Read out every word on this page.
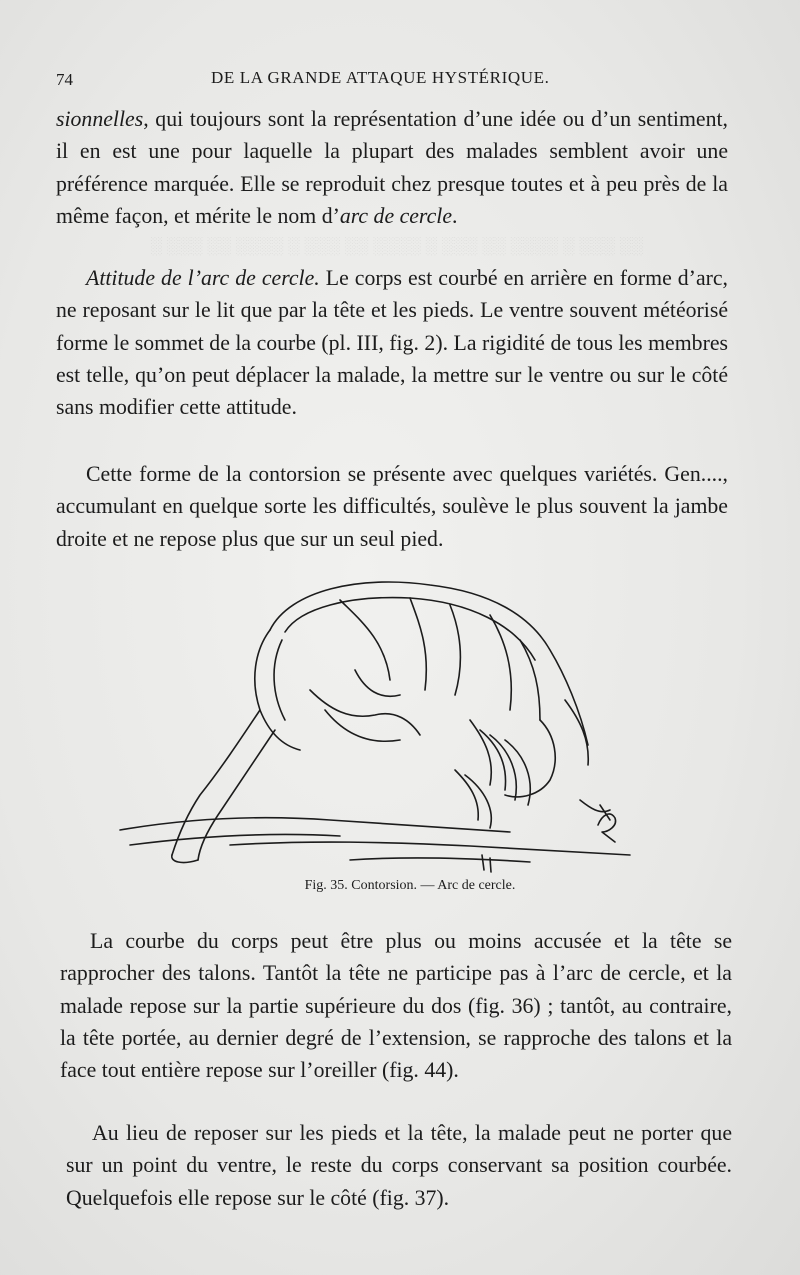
░ ░░░ ░░ ░░░░ ░ ░░░ ░░ ░░░░ ░ ░░░ ░░ ░░░░ ░ ░░░ ░░
74	DE LA GRANDE ATTAQUE HYSTÉRIQUE.

sionnelles, qui toujours sont la représentation d’une idée ou d’un sentiment, il en est une pour laquelle la plupart des malades semblent avoir une préférence marquée. Elle se reproduit chez presque toutes et à peu près de la même façon, et mérite le nom d’arc de cercle.

Attitude de l’arc de cercle. Le corps est courbé en arrière en forme d’arc, ne reposant sur le lit que par la tête et les pieds. Le ventre souvent météorisé forme le sommet de la courbe (pl. III, fig. 2). La rigidité de tous les membres est telle, qu’on peut déplacer la malade, la mettre sur le ventre ou sur le côté sans modifier cette attitude.

Cette forme de la contorsion se présente avec quelques variétés. Gen...., accumulant en quelque sorte les difficultés, soulève le plus souvent la jambe droite et ne repose plus que sur un seul pied.

Fig. 35. Contorsion. — Arc de cercle.

La courbe du corps peut être plus ou moins accusée et la tête se rapprocher des talons. Tantôt la tête ne participe pas à l’arc de cercle, et la malade repose sur la partie supérieure du dos (fig. 36) ; tantôt, au contraire, la tête portée, au dernier degré de l’extension, se rapproche des talons et la face tout entière repose sur l’oreiller (fig. 44).

Au lieu de reposer sur les pieds et la tête, la malade peut ne porter que sur un point du ventre, le reste du corps conservant sa position courbée. Quelquefois elle repose sur le côté (fig. 37).
